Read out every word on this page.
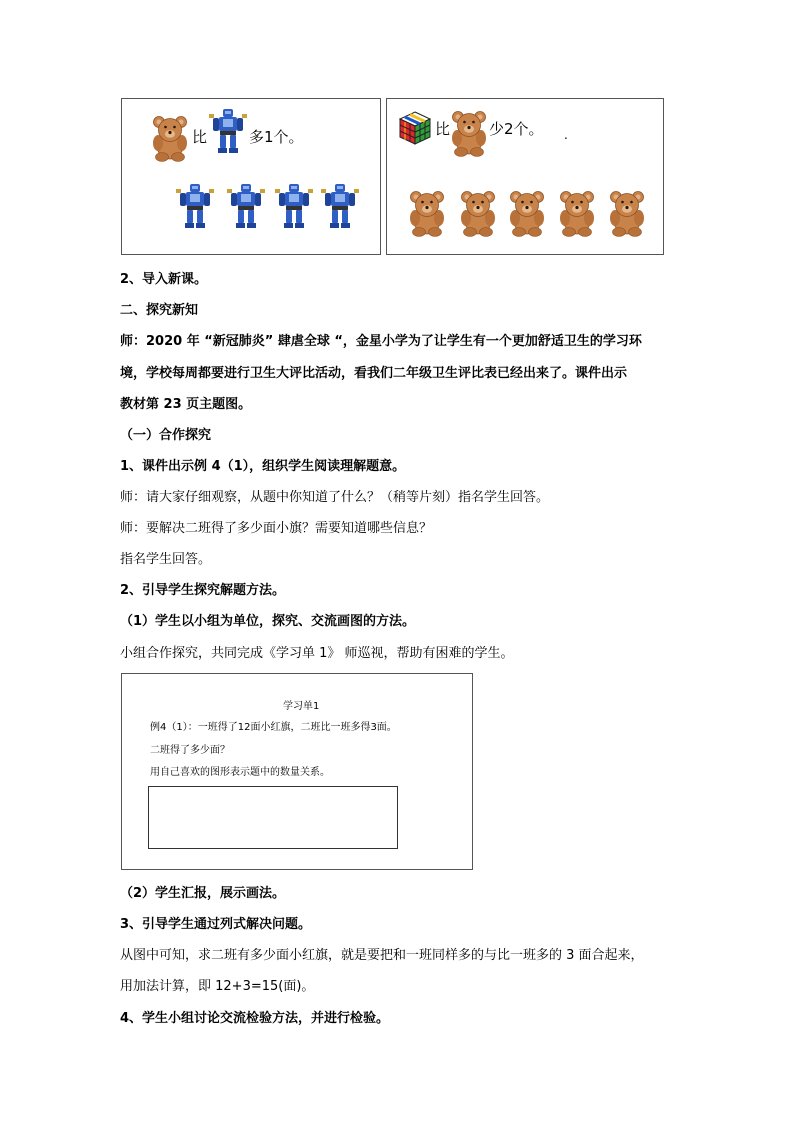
比	多1个。	比	少2个。 .
2、导入新课。
二、探究新知
师：2020 年 “新冠肺炎” 肆虐全球 “，金星小学为了让学生有一个更加舒适卫生的学习环
境，学校每周都要进行卫生大评比活动，看我们二年级卫生评比表已经出来了。课件出示
教材第 23 页主题图。
（一）合作探究
1、课件出示例 4（1），组织学生阅读理解题意。
师：请大家仔细观察，从题中你知道了什么？（稍等片刻）指名学生回答。
师：要解决二班得了多少面小旗？需要知道哪些信息？
指名学生回答。
2、引导学生探究解题方法。
（1）学生以小组为单位，探究、交流画图的方法。
小组合作探究，共同完成《学习单 1》 师巡视，帮助有困难的学生。
学习单1
例4（1）：一班得了12面小红旗，二班比一班多得3面。
二班得了多少面？
用自己喜欢的图形表示题中的数量关系。
（2）学生汇报，展示画法。
3、引导学生通过列式解决问题。
从图中可知，求二班有多少面小红旗，就是要把和一班同样多的与比一班多的 3 面合起来，
用加法计算，即 12+3=15(面)。
4、学生小组讨论交流检验方法，并进行检验。
